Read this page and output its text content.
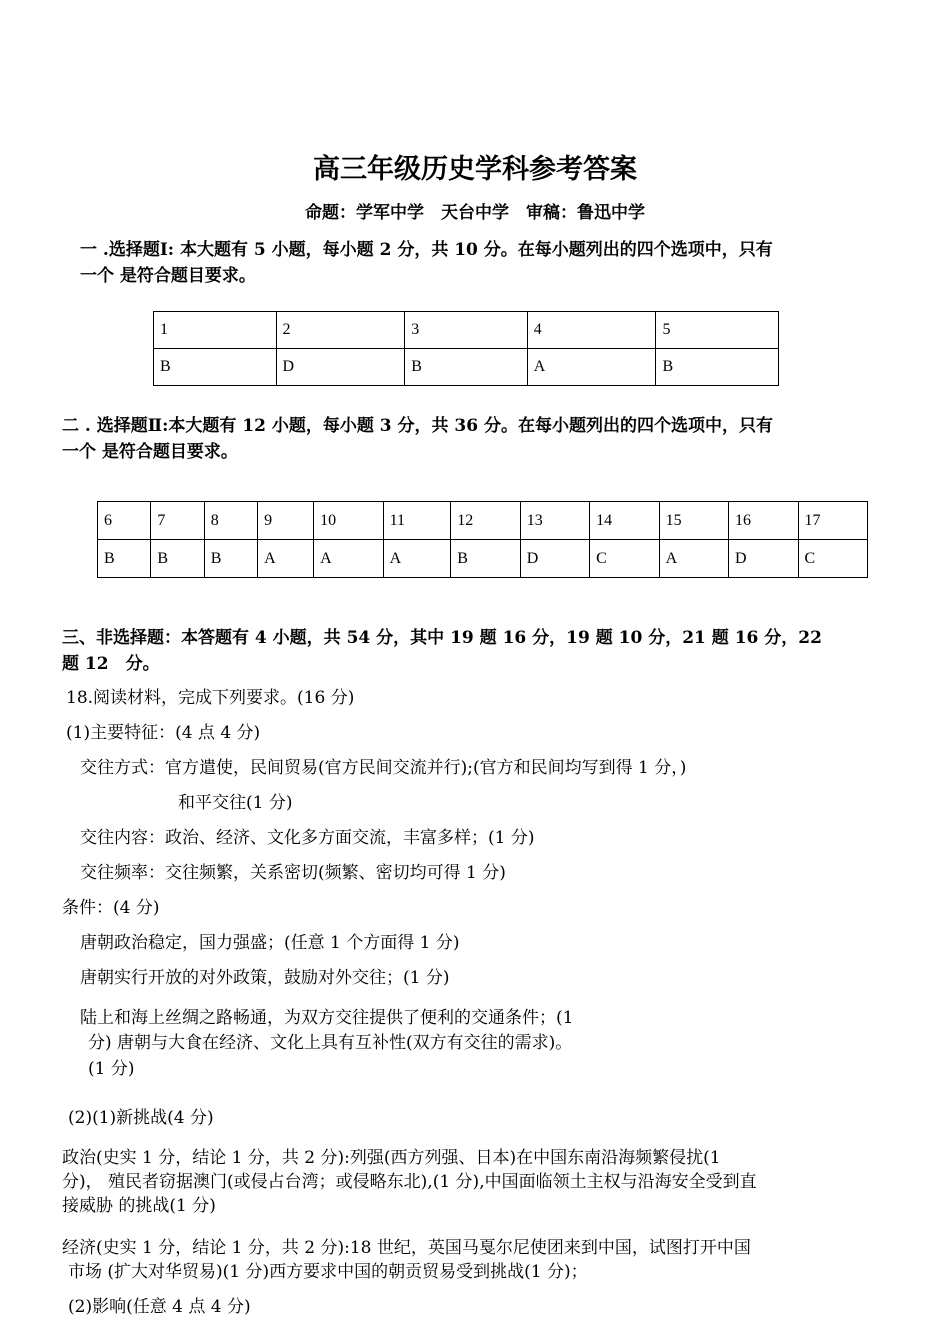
高三年级历史学科参考答案
命题：学军中学　天台中学　审稿：鲁迅中学
一 .选择题Ⅰ: 本大题有 5 小题，每小题 2 分，共 10 分。在每小题列出的四个选项中，只有
一个 是符合题目要求。
1	2	3	4	5
B	D	B	A	B
二 . 选择题Ⅱ:本大题有 12 小题，每小题 3 分，共 36 分。在每小题列出的四个选项中，只有
一个 是符合题目要求。
6	7	8	9	10	11	12	13	14	15	16	17
B	B	B	A	A	A	B	D	C	A	D	C
三、非选择题：本答题有 4 小题，共 54 分，其中 19 题 16 分，19 题 10 分，21 题 16 分，22
题 12　分。
18.阅读材料，完成下列要求。(16 分)
(1)主要特征：(4 点 4 分)
交往方式：官方遣使，民间贸易(官方民间交流并行);(官方和民间均写到得 1 分，)
和平交往(1 分)
交往内容：政治、经济、文化多方面交流，丰富多样；(1 分)
交往频率：交往频繁，关系密切(频繁、密切均可得 1 分)
条件：(4 分)
唐朝政治稳定，国力强盛；(任意 1 个方面得 1 分)
唐朝实行开放的对外政策，鼓励对外交往；(1 分)
陆上和海上丝绸之路畅通，为双方交往提供了便利的交通条件；(1
分) 唐朝与大食在经济、文化上具有互补性(双方有交往的需求)。
(1 分)
(2)(1)新挑战(4 分)
政治(史实 1 分，结论 1 分，共 2 分):列强(西方列强、日本)在中国东南沿海频繁侵扰(1
分)， 殖民者窃据澳门(或侵占台湾；或侵略东北),(1 分),中国面临领土主权与沿海安全受到直
接威胁 的挑战(1 分)
经济(史实 1 分，结论 1 分，共 2 分):18 世纪，英国马戛尔尼使团来到中国，试图打开中国
市场 (扩大对华贸易)(1 分)西方要求中国的朝贡贸易受到挑战(1 分)；
(2)影响(任意 4 点 4 分)
